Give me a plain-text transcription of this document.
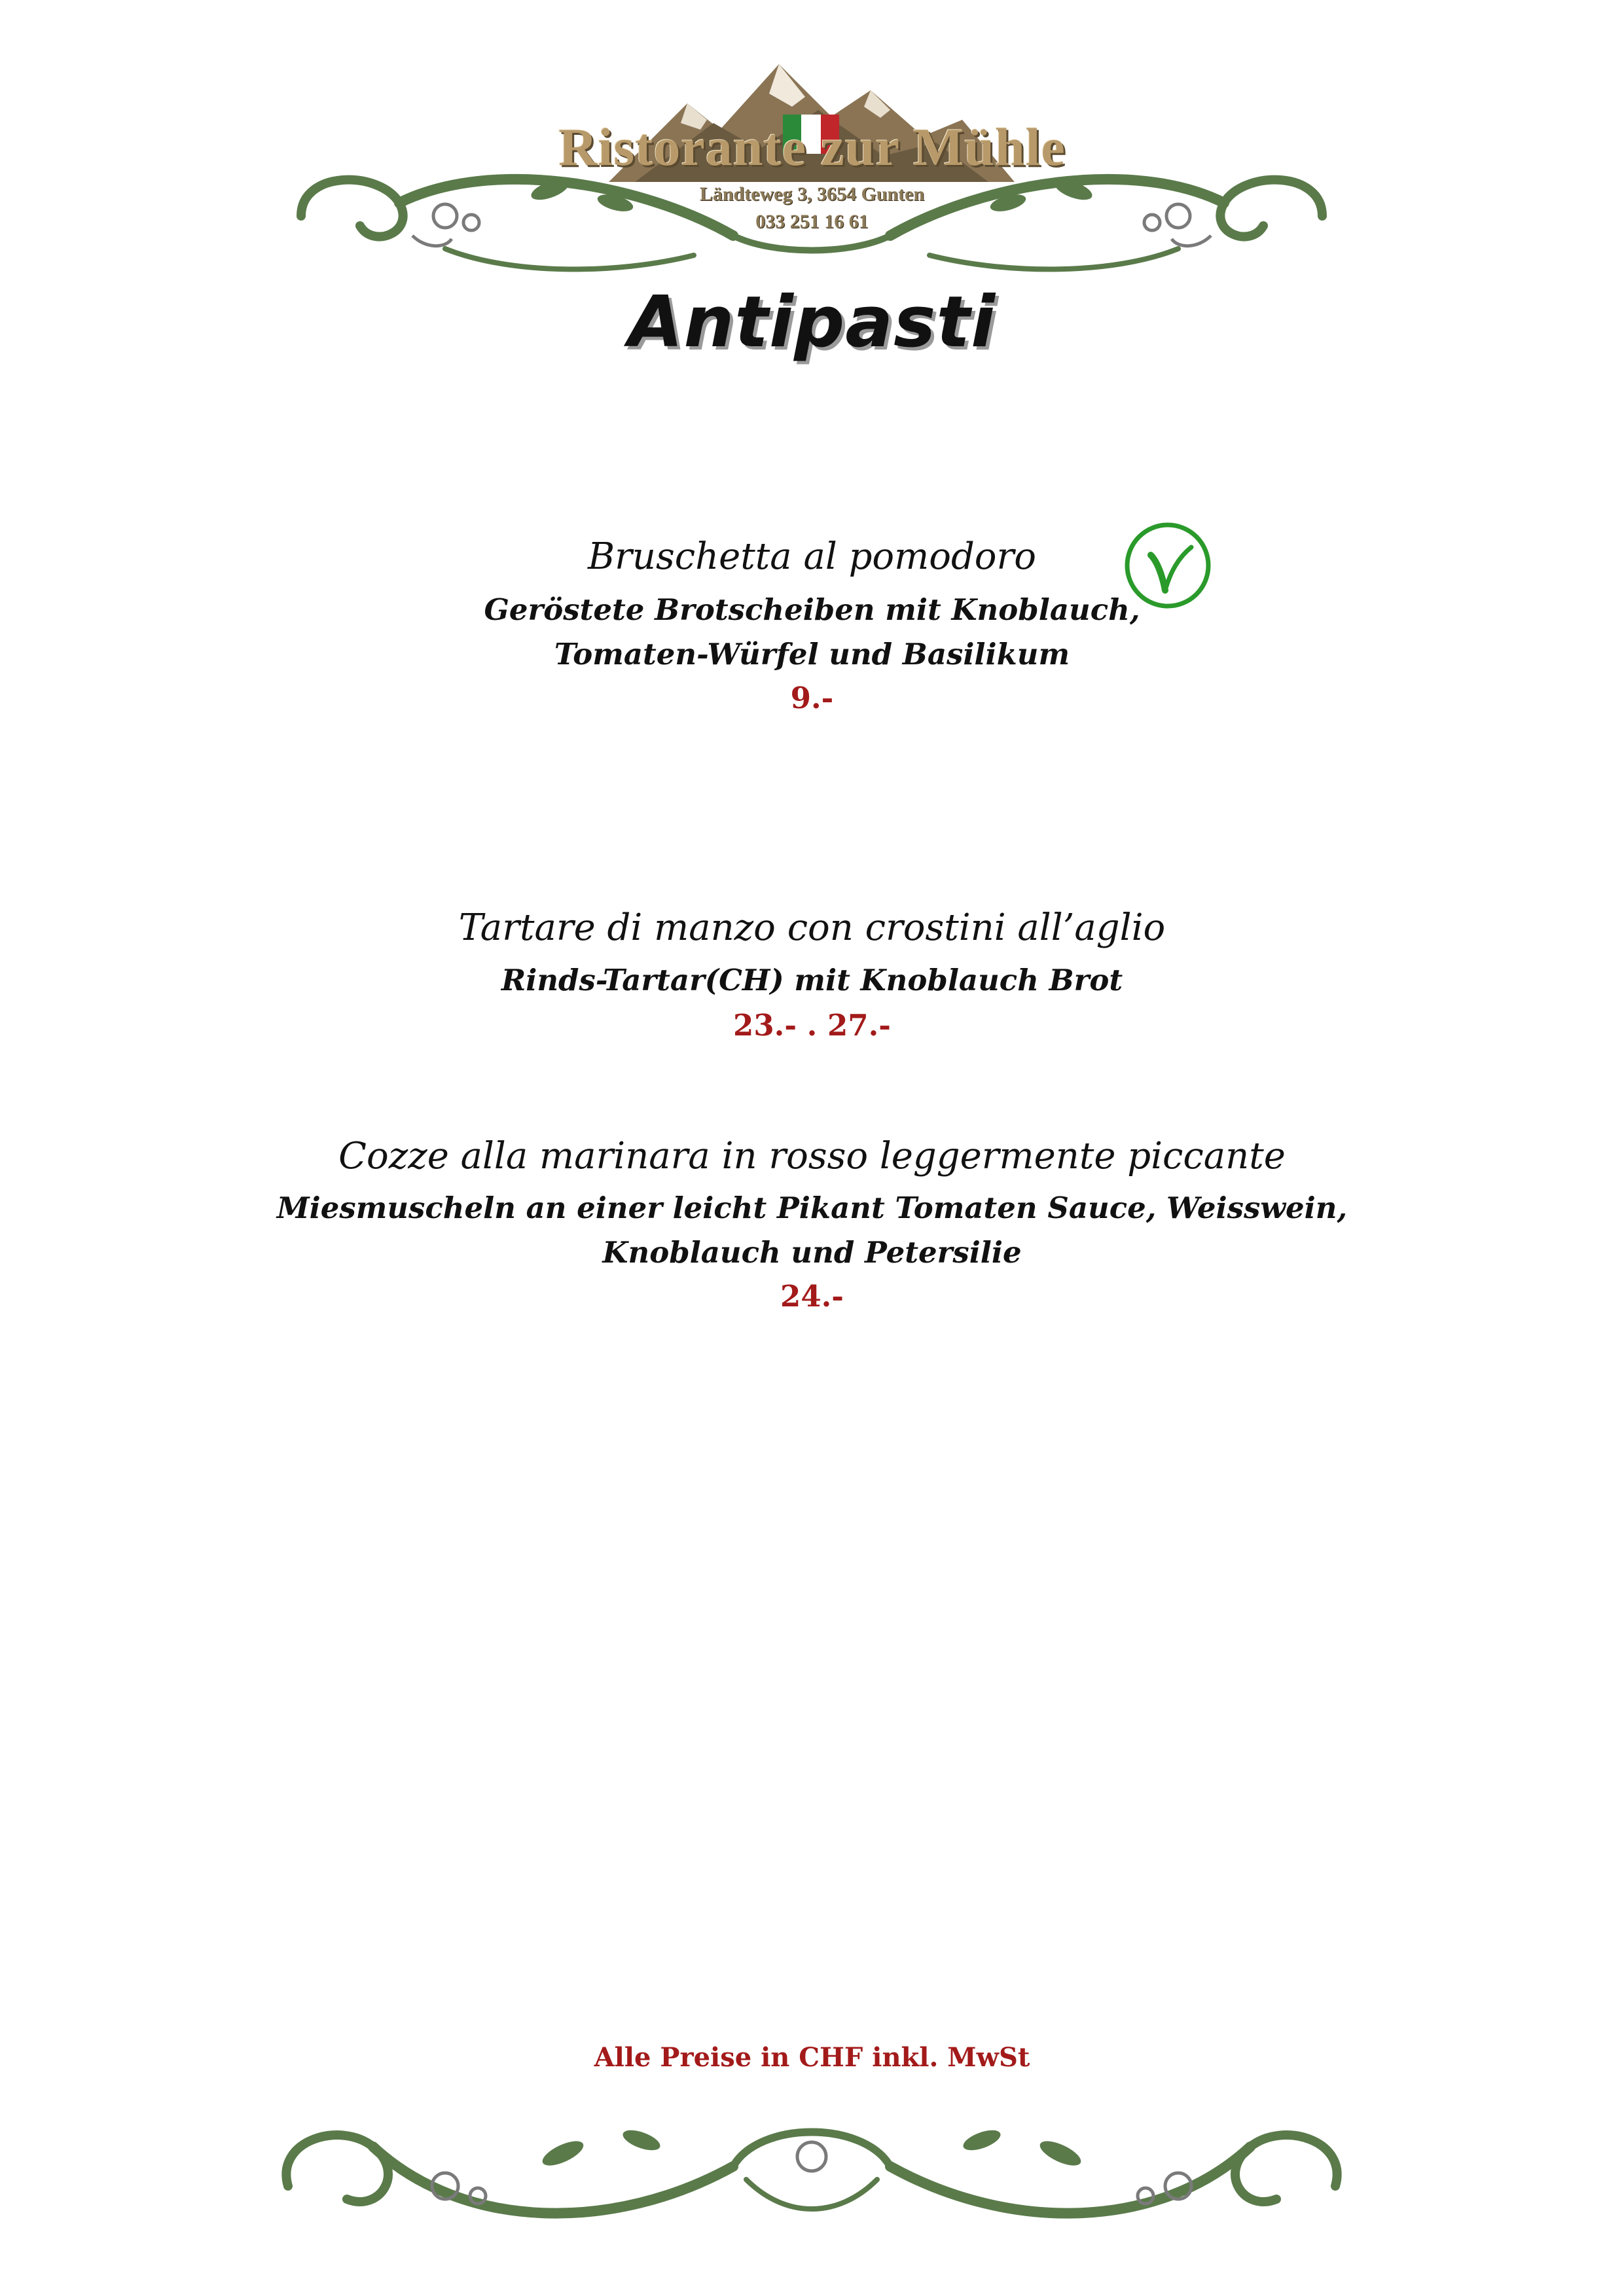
Ristorante zur Mühle
Ländteweg 3, 3654 Gunten
033 251 16 61
Antipasti
Bruschetta al pomodoro
Geröstete Brotscheiben mit Knoblauch,
Tomaten-Würfel und Basilikum
9.-
Tartare di manzo con crostini all’aglio
Rinds-Tartar(CH) mit Knoblauch Brot
23.- . 27.-
Cozze alla marinara in rosso leggermente piccante
Miesmuscheln an einer leicht Pikant Tomaten Sauce, Weisswein,
Knoblauch und Petersilie
24.-
Alle Preise in CHF inkl. MwSt
